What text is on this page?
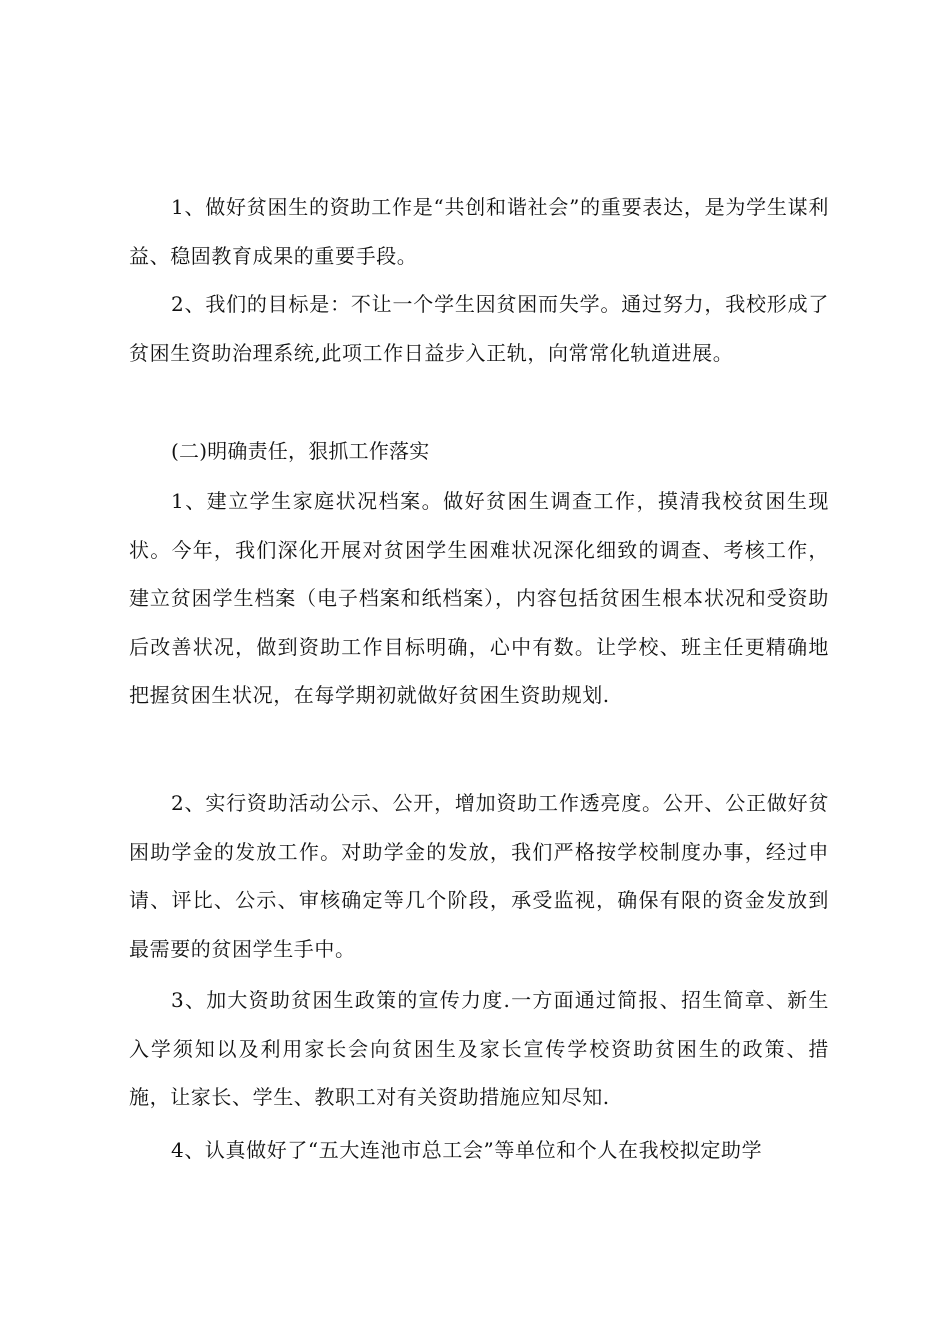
1、做好贫困生的资助工作是“共创和谐社会”的重要表达，是为学生谋利益、稳固教育成果的重要手段。

2、我们的目标是：不让一个学生因贫困而失学。通过努力，我校形成了贫困生资助治理系统,此项工作日益步入正轨，向常常化轨道进展。

(二)明确责任，狠抓工作落实

1、建立学生家庭状况档案。做好贫困生调查工作，摸清我校贫困生现状。今年，我们深化开展对贫困学生困难状况深化细致的调查、考核工作，建立贫困学生档案（电子档案和纸档案），内容包括贫困生根本状况和受资助后改善状况，做到资助工作目标明确，心中有数。让学校、班主任更精确地把握贫困生状况，在每学期初就做好贫困生资助规划.

2、实行资助活动公示、公开，增加资助工作透亮度。公开、公正做好贫困助学金的发放工作。对助学金的发放，我们严格按学校制度办事，经过申请、评比、公示、审核确定等几个阶段，承受监视，确保有限的资金发放到最需要的贫困学生手中。

3、加大资助贫困生政策的宣传力度.一方面通过简报、招生简章、新生入学须知以及利用家长会向贫困生及家长宣传学校资助贫困生的政策、措施，让家长、学生、教职工对有关资助措施应知尽知.

4、认真做好了“五大连池市总工会”等单位和个人在我校拟定助学
